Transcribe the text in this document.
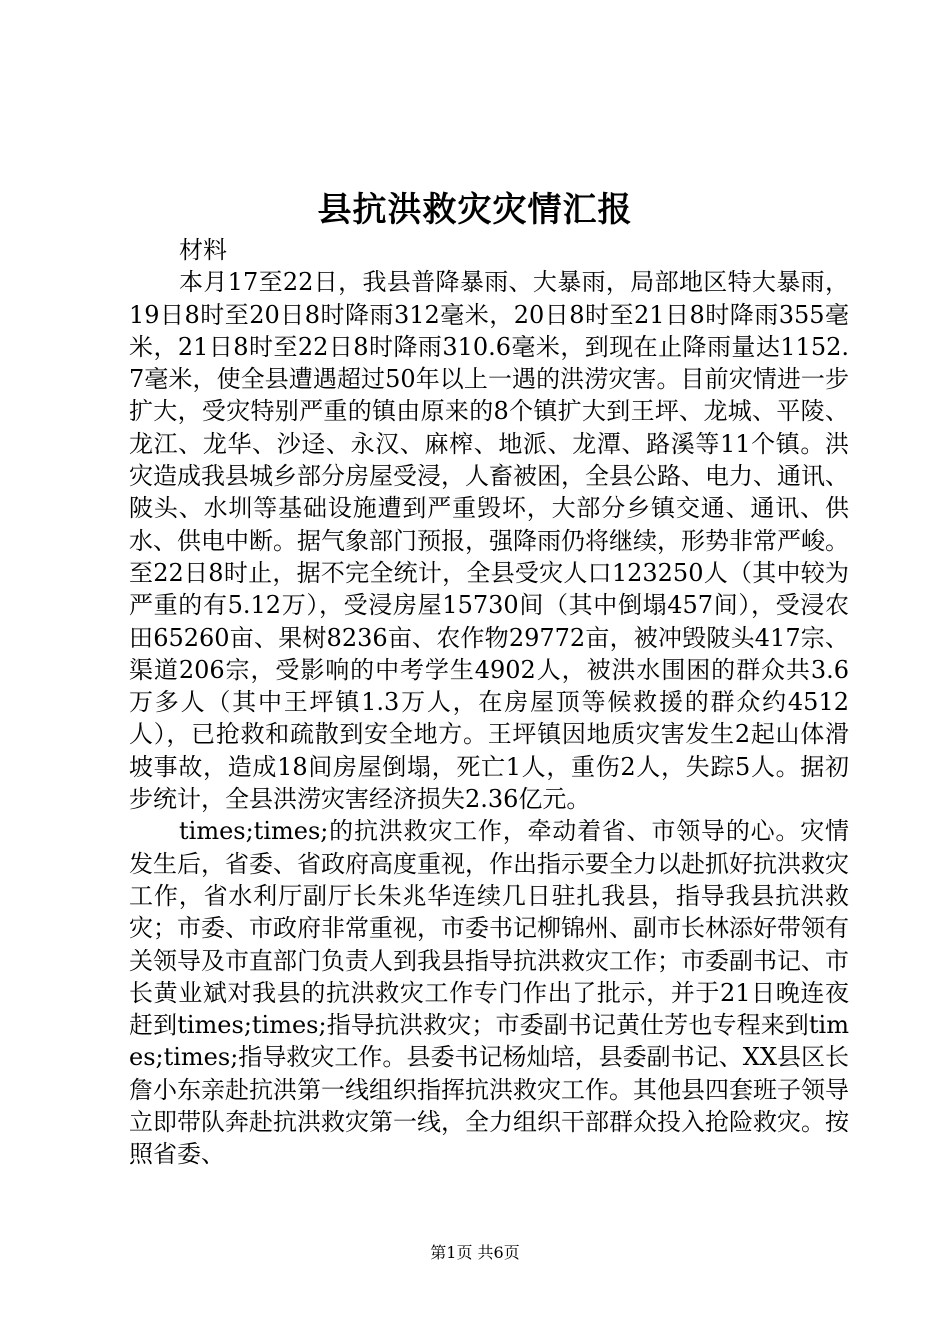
县抗洪救灾灾情汇报

材料

本月17至22日，我县普降暴雨、大暴雨，局部地区特大暴雨，19日8时至20日8时降雨312毫米，20日8时至21日8时降雨355毫米，21日8时至22日8时降雨310.6毫米，到现在止降雨量达1152.7毫米，使全县遭遇超过50年以上一遇的洪涝灾害。目前灾情进一步扩大，受灾特别严重的镇由原来的8个镇扩大到王坪、龙城、平陵、龙江、龙华、沙迳、永汉、麻榨、地派、龙潭、路溪等11个镇。洪灾造成我县城乡部分房屋受浸，人畜被困，全县公路、电力、通讯、陂头、水圳等基础设施遭到严重毁坏，大部分乡镇交通、通讯、供水、供电中断。据气象部门预报，强降雨仍将继续，形势非常严峻。至22日8时止，据不完全统计，全县受灾人口123250人（其中较为严重的有5.12万），受浸房屋15730间（其中倒塌457间），受浸农田65260亩、果树8236亩、农作物29772亩，被冲毁陂头417宗、渠道206宗，受影响的中考学生4902人，被洪水围困的群众共3.6万多人（其中王坪镇1.3万人，在房屋顶等候救援的群众约4512人），已抢救和疏散到安全地方。王坪镇因地质灾害发生2起山体滑坡事故，造成18间房屋倒塌，死亡1人，重伤2人，失踪5人。据初步统计，全县洪涝灾害经济损失2.36亿元。

times;times;的抗洪救灾工作，牵动着省、市领导的心。灾情发生后，省委、省政府高度重视，作出指示要全力以赴抓好抗洪救灾工作，省水利厅副厅长朱兆华连续几日驻扎我县，指导我县抗洪救灾；市委、市政府非常重视，市委书记柳锦州、副市长林添好带领有关领导及市直部门负责人到我县指导抗洪救灾工作；市委副书记、市长黄业斌对我县的抗洪救灾工作专门作出了批示，并于21日晚连夜赶到times;times;指导抗洪救灾；市委副书记黄仕芳也专程来到times;times;指导救灾工作。县委书记杨灿培，县委副书记、XX县区长詹小东亲赴抗洪第一线组织指挥抗洪救灾工作。其他县四套班子领导立即带队奔赴抗洪救灾第一线，全力组织干部群众投入抢险救灾。按照省委、

第1页 共6页
